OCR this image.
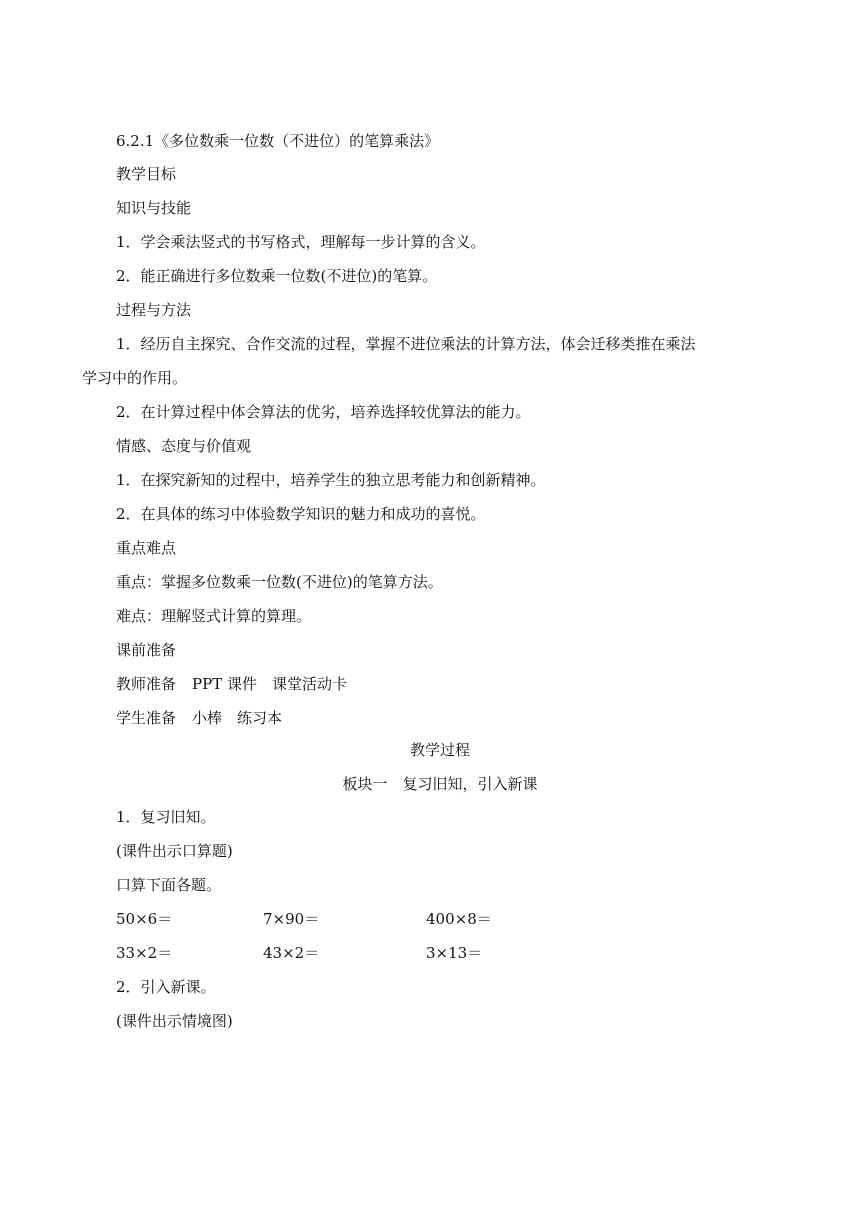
6.2.1《多位数乘一位数（不进位）的笔算乘法》
教学目标
知识与技能
1．学会乘法竖式的书写格式，理解每一步计算的含义。
2．能正确进行多位数乘一位数(不进位)的笔算。
过程与方法
1．经历自主探究、合作交流的过程，掌握不进位乘法的计算方法，体会迁移类推在乘法
学习中的作用。
2．在计算过程中体会算法的优劣，培养选择较优算法的能力。
情感、态度与价值观
1．在探究新知的过程中，培养学生的独立思考能力和创新精神。
2．在具体的练习中体验数学知识的魅力和成功的喜悦。
重点难点
重点：掌握多位数乘一位数(不进位)的笔算方法。
难点：理解竖式计算的算理。
课前准备
教师准备 PPT 课件　课堂活动卡
学生准备 小棒　练习本
教学过程
板块一　复习旧知，引入新课
1．复习旧知。
(课件出示口算题)
口算下面各题。
50×6＝	7×90＝	400×8＝
33×2＝	43×2＝	3×13＝
2．引入新课。
(课件出示情境图)
